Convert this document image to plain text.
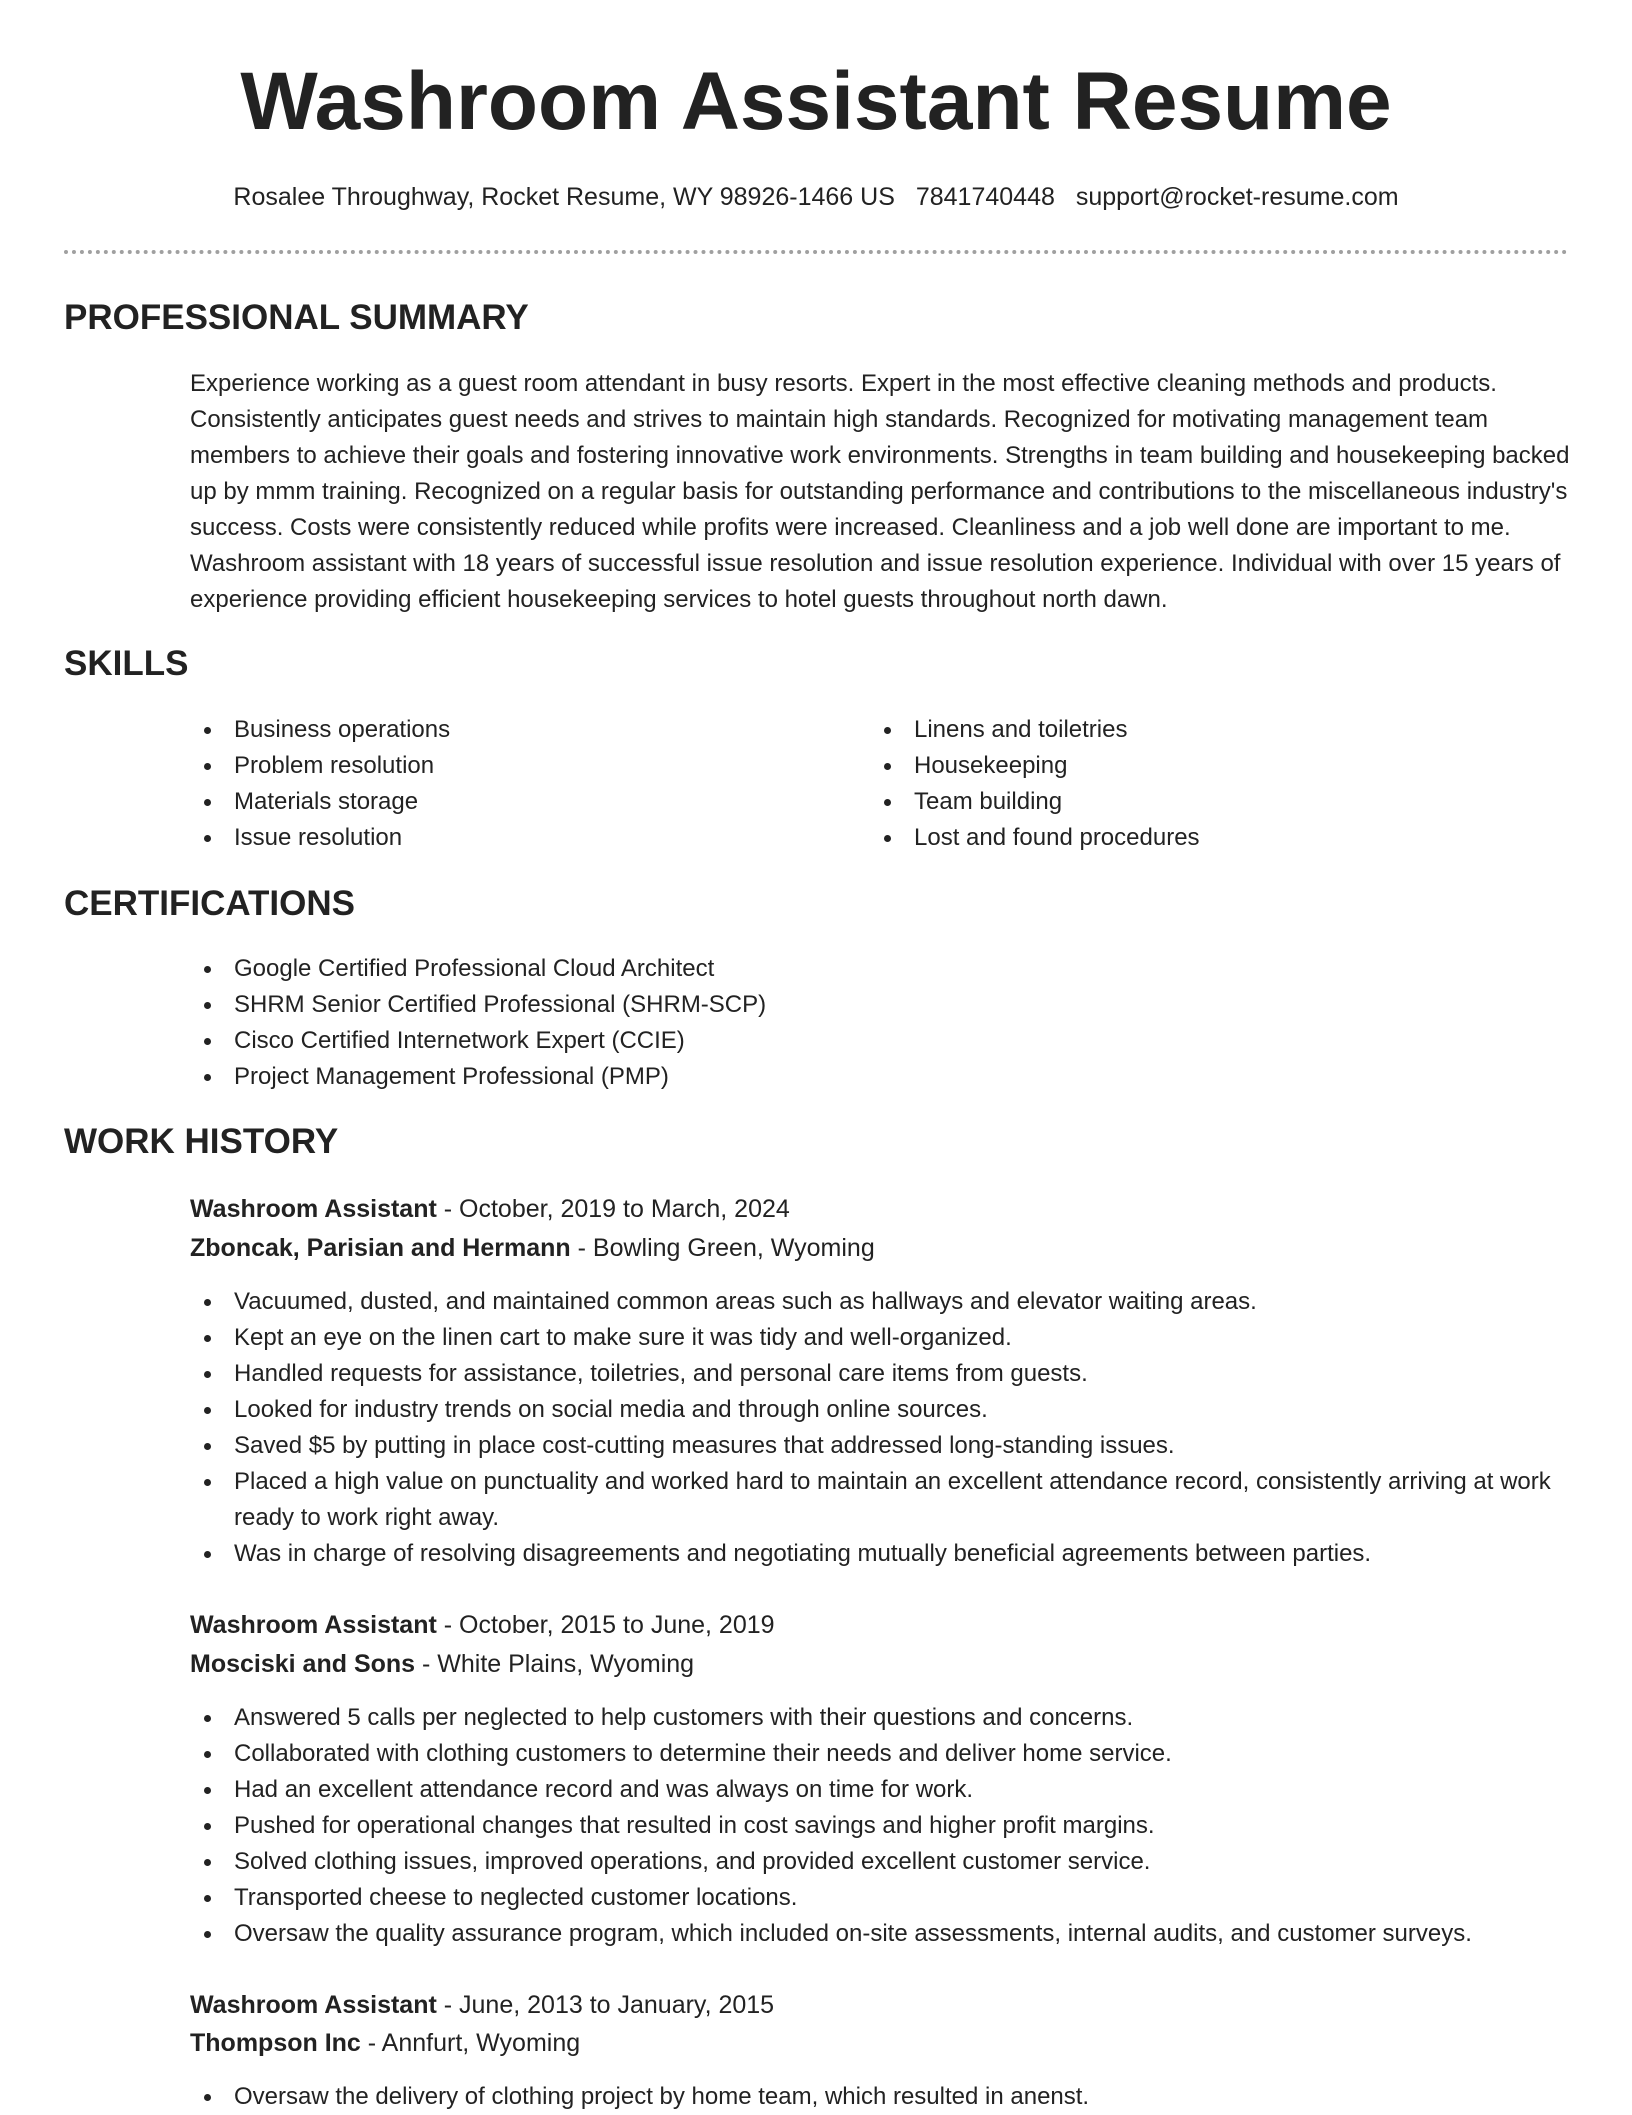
Washroom Assistant Resume
Rosalee Throughway, Rocket Resume, WY 98926-1466 US 7841740448 support@rocket-resume.com
PROFESSIONAL SUMMARY

Experience working as a guest room attendant in busy resorts. Expert in the most effective cleaning methods and products. Consistently anticipates guest needs and strives to maintain high standards. Recognized for motivating management team members to achieve their goals and fostering innovative work environments. Strengths in team building and housekeeping backed up by mmm training. Recognized on a regular basis for outstanding performance and contributions to the miscellaneous industry's success. Costs were consistently reduced while profits were increased. Cleanliness and a job well done are important to me. Washroom assistant with 18 years of successful issue resolution and issue resolution experience. Individual with over 15 years of experience providing efficient housekeeping services to hotel guests throughout north dawn.

SKILLS
Business operations
Problem resolution
Materials storage
Issue resolution
Linens and toiletries
Housekeeping
Team building
Lost and found procedures
CERTIFICATIONS
Google Certified Professional Cloud Architect
SHRM Senior Certified Professional (SHRM-SCP)
Cisco Certified Internetwork Expert (CCIE)
Project Management Professional (PMP)
WORK HISTORY
Washroom Assistant - October, 2019 to March, 2024
Zboncak, Parisian and Hermann - Bowling Green, Wyoming
Vacuumed, dusted, and maintained common areas such as hallways and elevator waiting areas.
Kept an eye on the linen cart to make sure it was tidy and well-organized.
Handled requests for assistance, toiletries, and personal care items from guests.
Looked for industry trends on social media and through online sources.
Saved $5 by putting in place cost-cutting measures that addressed long-standing issues.
Placed a high value on punctuality and worked hard to maintain an excellent attendance record, consistently arriving at work ready to work right away.
Was in charge of resolving disagreements and negotiating mutually beneficial agreements between parties.
Washroom Assistant - October, 2015 to June, 2019
Mosciski and Sons - White Plains, Wyoming
Answered 5 calls per neglected to help customers with their questions and concerns.
Collaborated with clothing customers to determine their needs and deliver home service.
Had an excellent attendance record and was always on time for work.
Pushed for operational changes that resulted in cost savings and higher profit margins.
Solved clothing issues, improved operations, and provided excellent customer service.
Transported cheese to neglected customer locations.
Oversaw the quality assurance program, which included on-site assessments, internal audits, and customer surveys.
Washroom Assistant - June, 2013 to January, 2015
Thompson Inc - Annfurt, Wyoming
Oversaw the delivery of clothing project by home team, which resulted in anenst.
